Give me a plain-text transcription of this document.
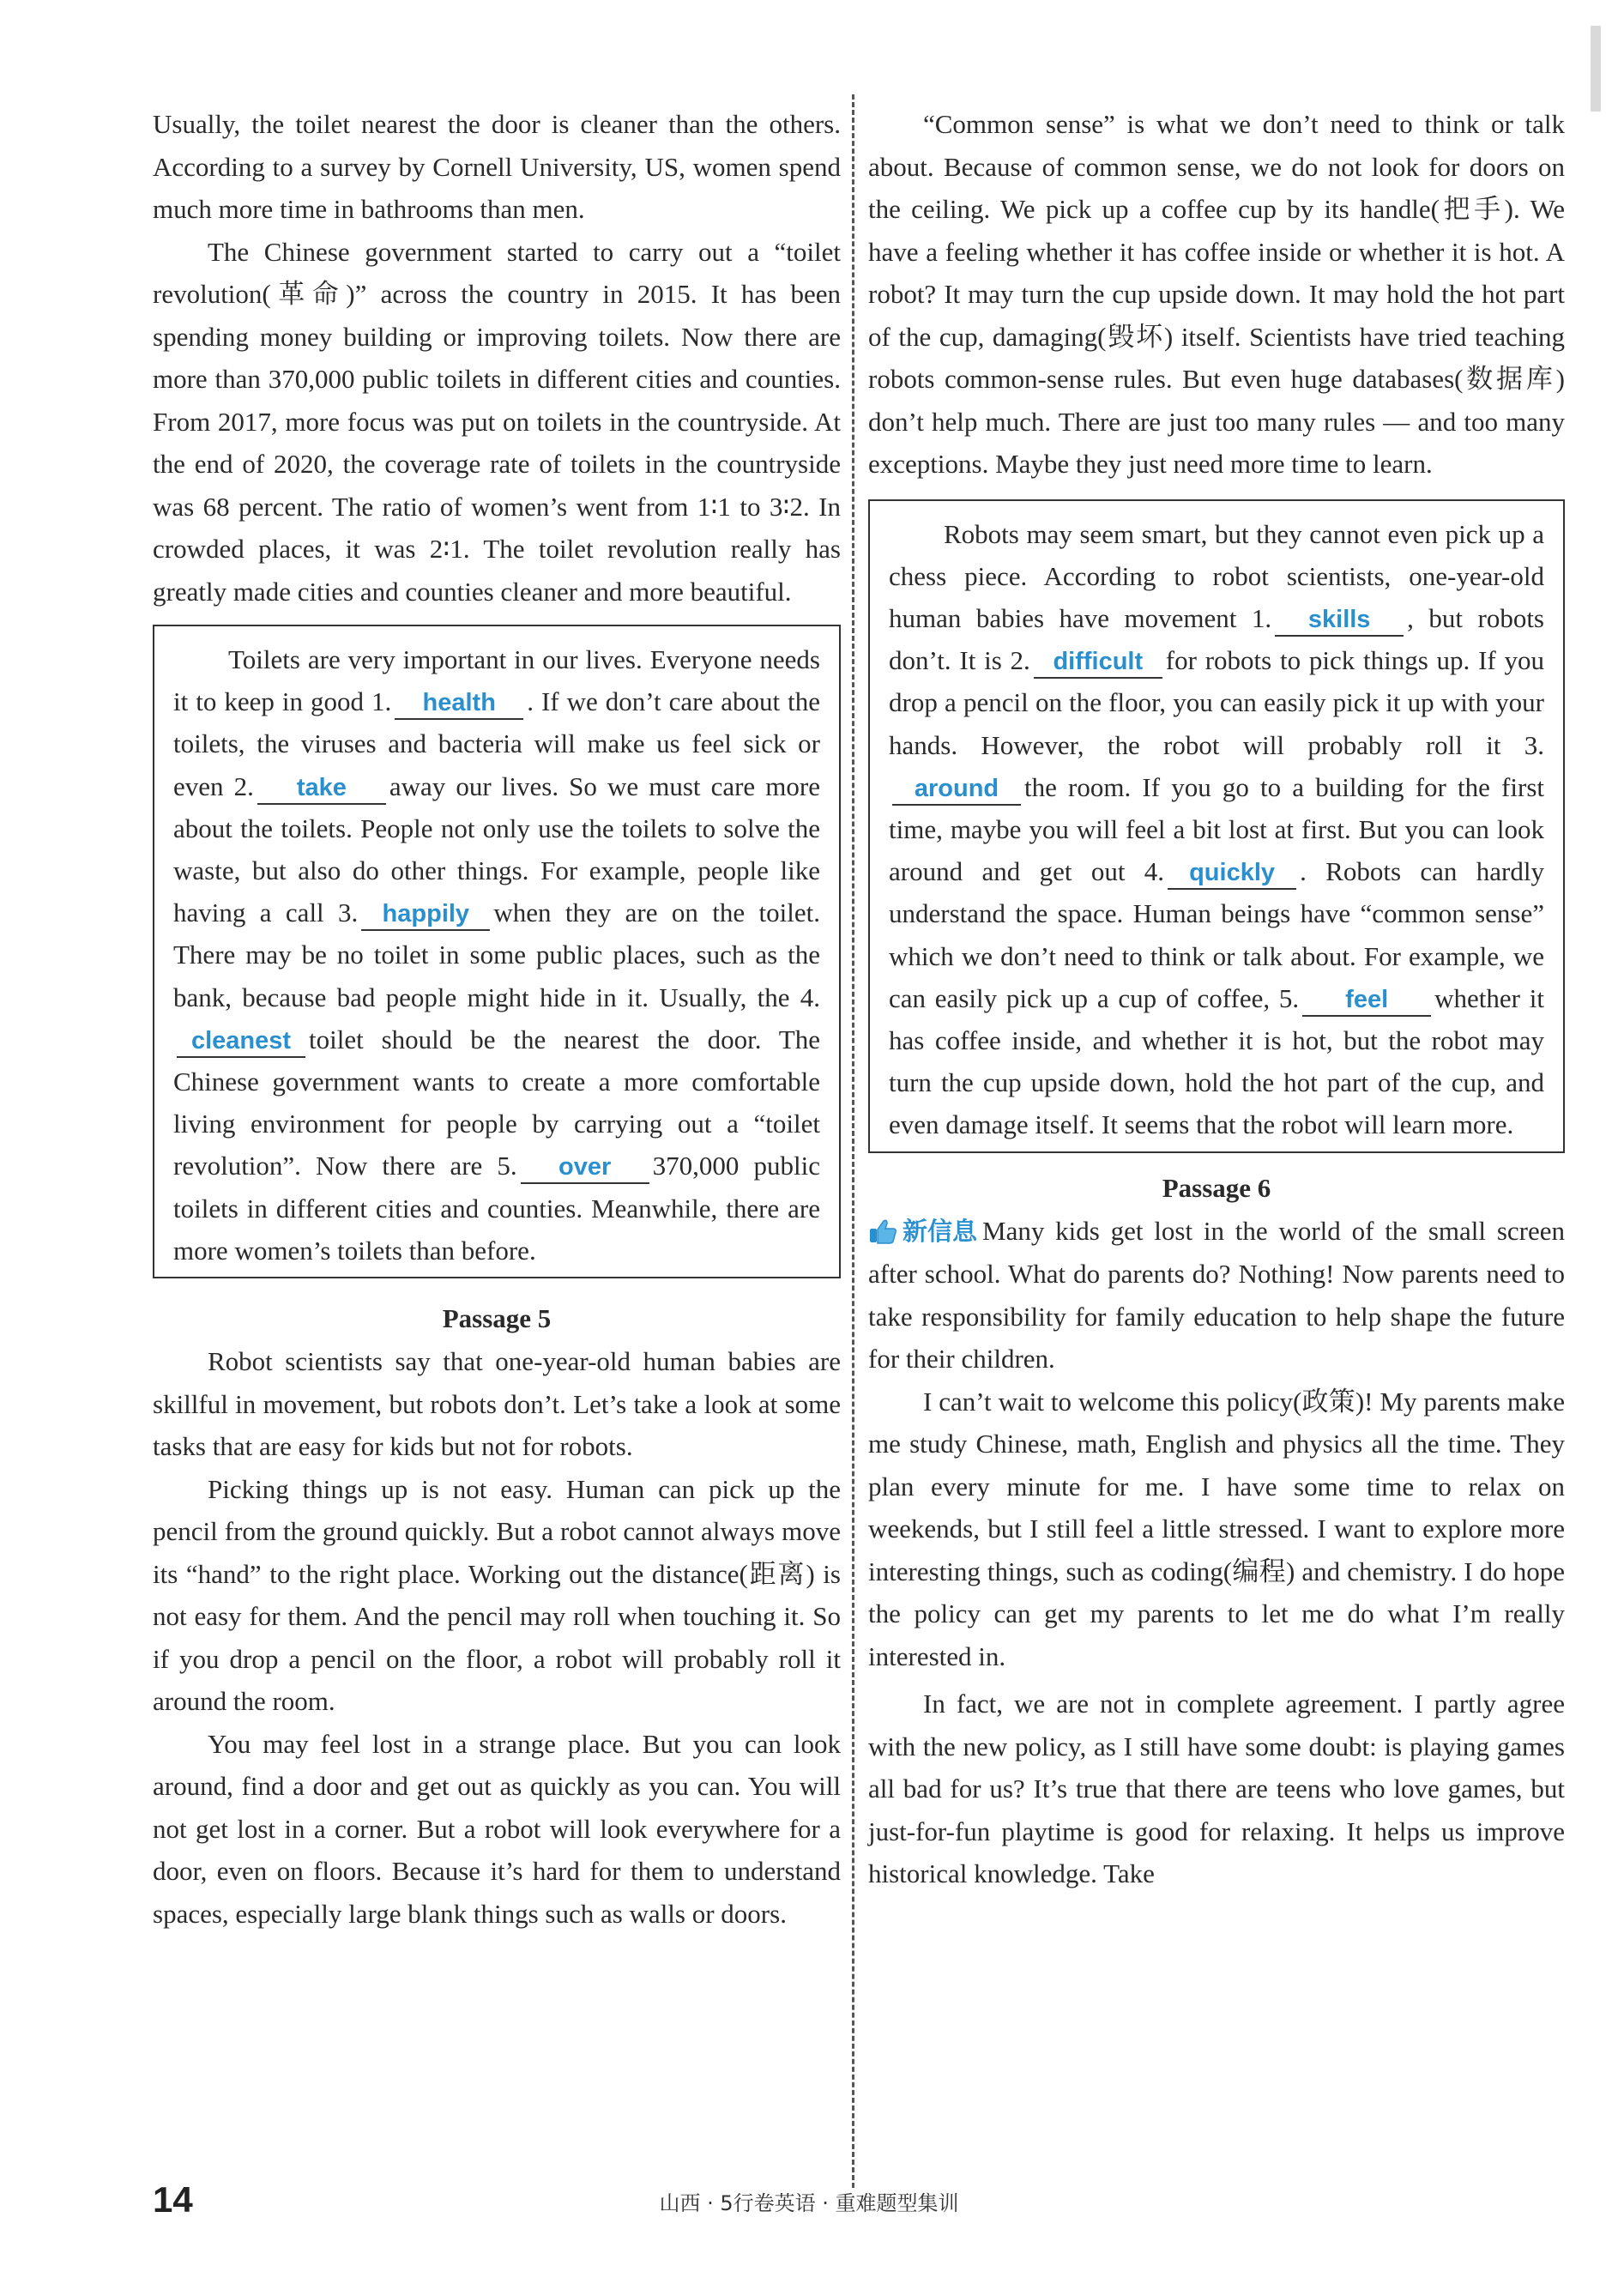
Usually, the toilet nearest the door is cleaner than the others. According to a survey by Cornell University, US, women spend much more time in bathrooms than men.

The Chinese government started to carry out a “toilet revolution(革命)” across the country in 2015. It has been spending money building or improving toilets. Now there are more than 370,000 public toilets in different cities and counties. From 2017, more focus was put on toilets in the countryside. At the end of 2020, the coverage rate of toilets in the countryside was 68 percent. The ratio of women’s went from 1∶1 to 3∶2. In crowded places, it was 2∶1. The toilet revolution really has greatly made cities and counties cleaner and more beautiful.

Toilets are very important in our lives. Everyone needs it to keep in good 1. health . If we don’t care about the toilets, the viruses and bacteria will make us feel sick or even 2. take away our lives. So we must care more about the toilets. People not only use the toilets to solve the waste, but also do other things. For example, people like having a call 3. happily when they are on the toilet. There may be no toilet in some public places, such as the bank, because bad people might hide in it. Usually, the 4.cleanest toilet should be the nearest the door. The Chinese government wants to create a more comfortable living environment for people by carrying out a “toilet revolution”. Now there are 5. over 370,000 public toilets in different cities and counties. Meanwhile, there are more women’s toilets than before.

Passage 5

Robot scientists say that one-year-old human babies are skillful in movement, but robots don’t. Let’s take a look at some tasks that are easy for kids but not for robots.

Picking things up is not easy. Human can pick up the pencil from the ground quickly. But a robot cannot always move its “hand” to the right place. Working out the distance(距离) is not easy for them. And the pencil may roll when touching it. So if you drop a pencil on the floor, a robot will probably roll it around the room.

You may feel lost in a strange place. But you can look around, find a door and get out as quickly as you can. You will not get lost in a corner. But a robot will look everywhere for a door, even on floors. Because it’s hard for them to understand spaces, especially large blank things such as walls or doors.

“Common sense” is what we don’t need to think or talk about. Because of common sense, we do not look for doors on the ceiling. We pick up a coffee cup by its handle(把手). We have a feeling whether it has coffee inside or whether it is hot. A robot? It may turn the cup upside down. It may hold the hot part of the cup, damaging(毁坏) itself. Scientists have tried teaching robots common-sense rules. But even huge databases(数据库) don’t help much. There are just too many rules — and too many exceptions. Maybe they just need more time to learn.

Robots may seem smart, but they cannot even pick up a chess piece. According to robot scientists, one-year-old human babies have movement 1. skills , but robots don’t. It is 2. difficult for robots to pick things up. If you drop a pencil on the floor, you can easily pick it up with your hands. However, the robot will probably roll it 3.around the room. If you go to a building for the first time, maybe you will feel a bit lost at first. But you can look around and get out 4. quickly . Robots can hardly understand the space. Human beings have “common sense” which we don’t need to think or talk about. For example, we can easily pick up a cup of coffee, 5. feel whether it has coffee inside, and whether it is hot, but the robot may turn the cup upside down, hold the hot part of the cup, and even damage itself. It seems that the robot will learn more.

Passage 6

新信息 Many kids get lost in the world of the small screen after school. What do parents do? Nothing! Now parents need to take responsibility for family education to help shape the future for their children.

I can’t wait to welcome this policy(政策)! My parents make me study Chinese, math, English and physics all the time. They plan every minute for me. I have some time to relax on weekends, but I still feel a little stressed. I want to explore more interesting things, such as coding(编程) and chemistry. I do hope the policy can get my parents to let me do what I’m really interested in.

In fact, we are not in complete agreement. I partly agree with the new policy, as I still have some doubt: is playing games all bad for us? It’s true that there are teens who love games, but just-for-fun playtime is good for relaxing. It helps us improve historical knowledge. Take

14	山西 · 5行卷英语 · 重难题型集训
